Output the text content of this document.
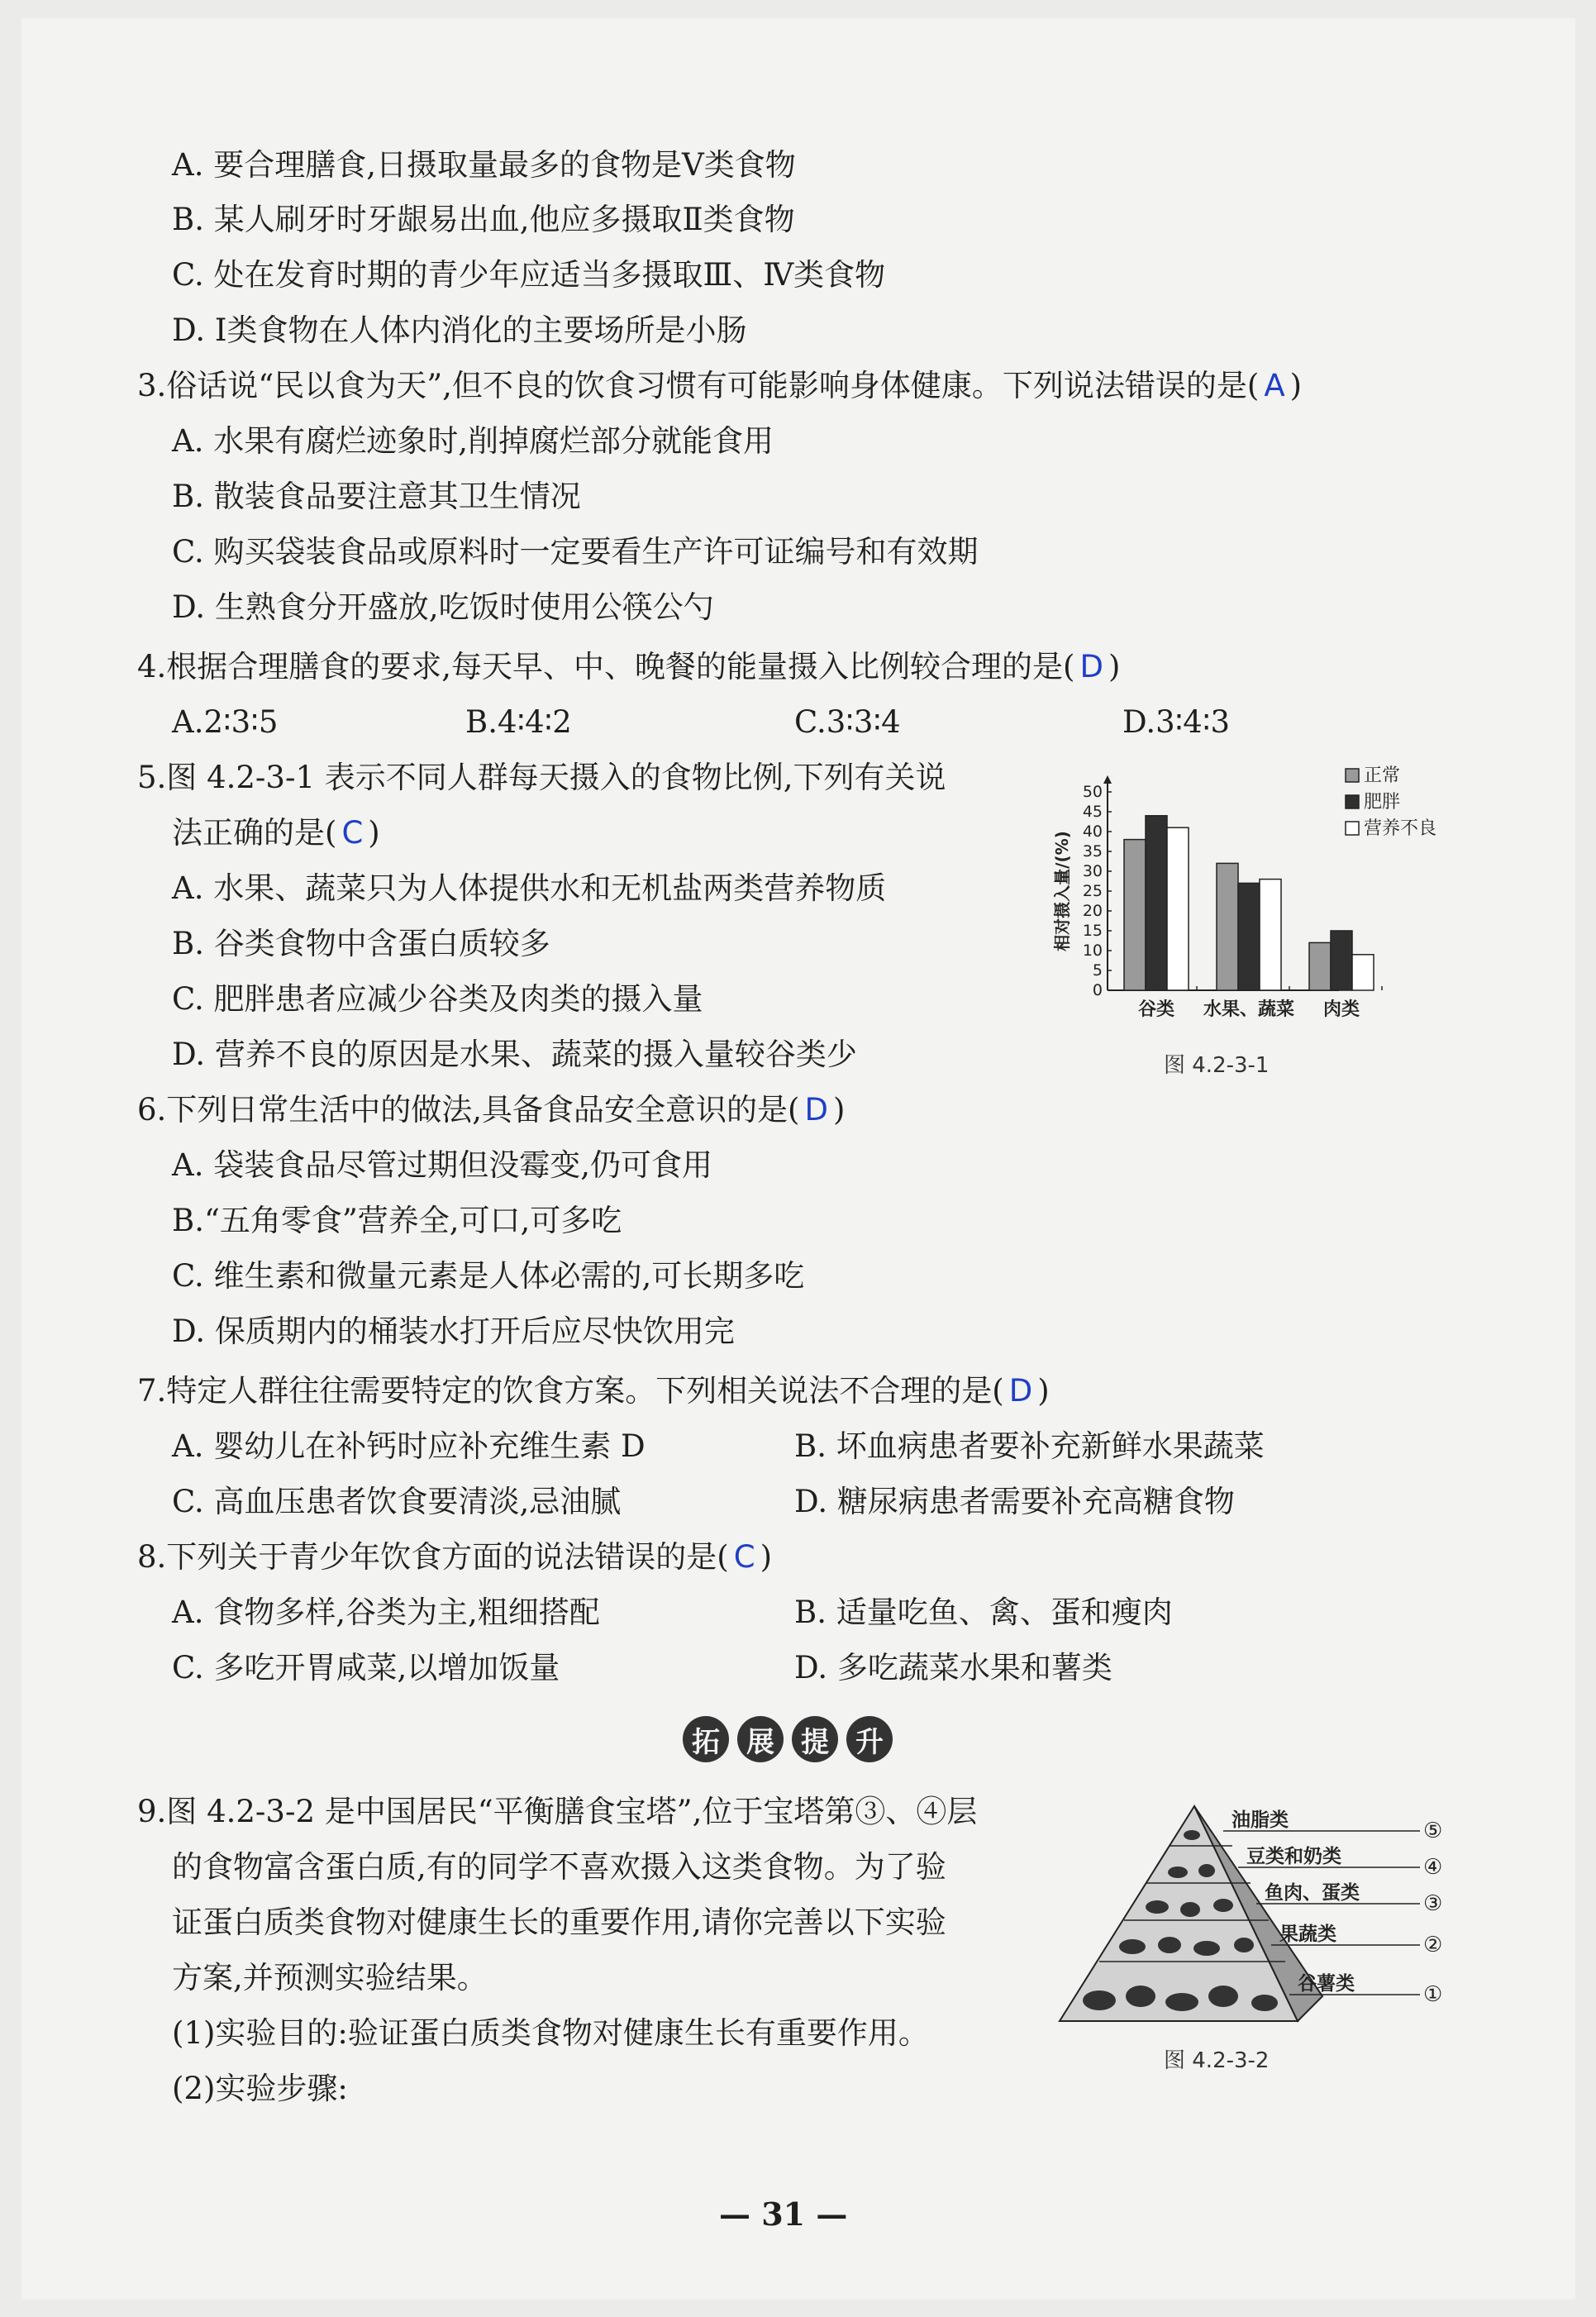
A. 要合理膳食,日摄取量最多的食物是Ⅴ类食物
B. 某人刷牙时牙龈易出血,他应多摄取Ⅱ类食物
C. 处在发育时期的青少年应适当多摄取Ⅲ、Ⅳ类食物
D. Ⅰ类食物在人体内消化的主要场所是小肠
3.俗话说“民以食为天”,但不良的饮食习惯有可能影响身体健康。下列说法错误的是( A )
A. 水果有腐烂迹象时,削掉腐烂部分就能食用
B. 散装食品要注意其卫生情况
C. 购买袋装食品或原料时一定要看生产许可证编号和有效期
D. 生熟食分开盛放,吃饭时使用公筷公勺
4.根据合理膳食的要求,每天早、中、晚餐的能量摄入比例较合理的是( D )
A.2∶3∶5	B.4∶4∶2	C.3∶3∶4	D.3∶4∶3
5.图 4.2-3-1 表示不同人群每天摄入的食物比例,下列有关说
法正确的是( C )
A. 水果、蔬菜只为人体提供水和无机盐两类营养物质
B. 谷类食物中含蛋白质较多
C. 肥胖患者应减少谷类及肉类的摄入量
D. 营养不良的原因是水果、蔬菜的摄入量较谷类少
0
5
10
15
20
25
30
35
40
45
50
相对摄入量/(%)
谷类 水果、蔬菜 肉类
正常
肥胖
营养不良
图 4.2-3-1
6.下列日常生活中的做法,具备食品安全意识的是( D )
A. 袋装食品尽管过期但没霉变,仍可食用
B.“五角零食”营养全,可口,可多吃
C. 维生素和微量元素是人体必需的,可长期多吃
D. 保质期内的桶装水打开后应尽快饮用完
7.特定人群往往需要特定的饮食方案。下列相关说法不合理的是( D )
A. 婴幼儿在补钙时应补充维生素 D	B. 坏血病患者要补充新鲜水果蔬菜
C. 高血压患者饮食要清淡,忌油腻	D. 糖尿病患者需要补充高糖食物
8.下列关于青少年饮食方面的说法错误的是( C )
A. 食物多样,谷类为主,粗细搭配	B. 适量吃鱼、禽、蛋和瘦肉
C. 多吃开胃咸菜,以增加饭量	D. 多吃蔬菜水果和薯类
拓 展 提 升
9.图 4.2-3-2 是中国居民“平衡膳食宝塔”,位于宝塔第③、④层
的食物富含蛋白质,有的同学不喜欢摄入这类食物。为了验
证蛋白质类食物对健康生长的重要作用,请你完善以下实验
方案,并预测实验结果。
(1)实验目的:验证蛋白质类食物对健康生长有重要作用。
(2)实验步骤:
油脂类	⑤
豆类和奶类	④
鱼肉、蛋类	③
果蔬类	②
谷薯类	①
图 4.2-3-2
— 31 —
